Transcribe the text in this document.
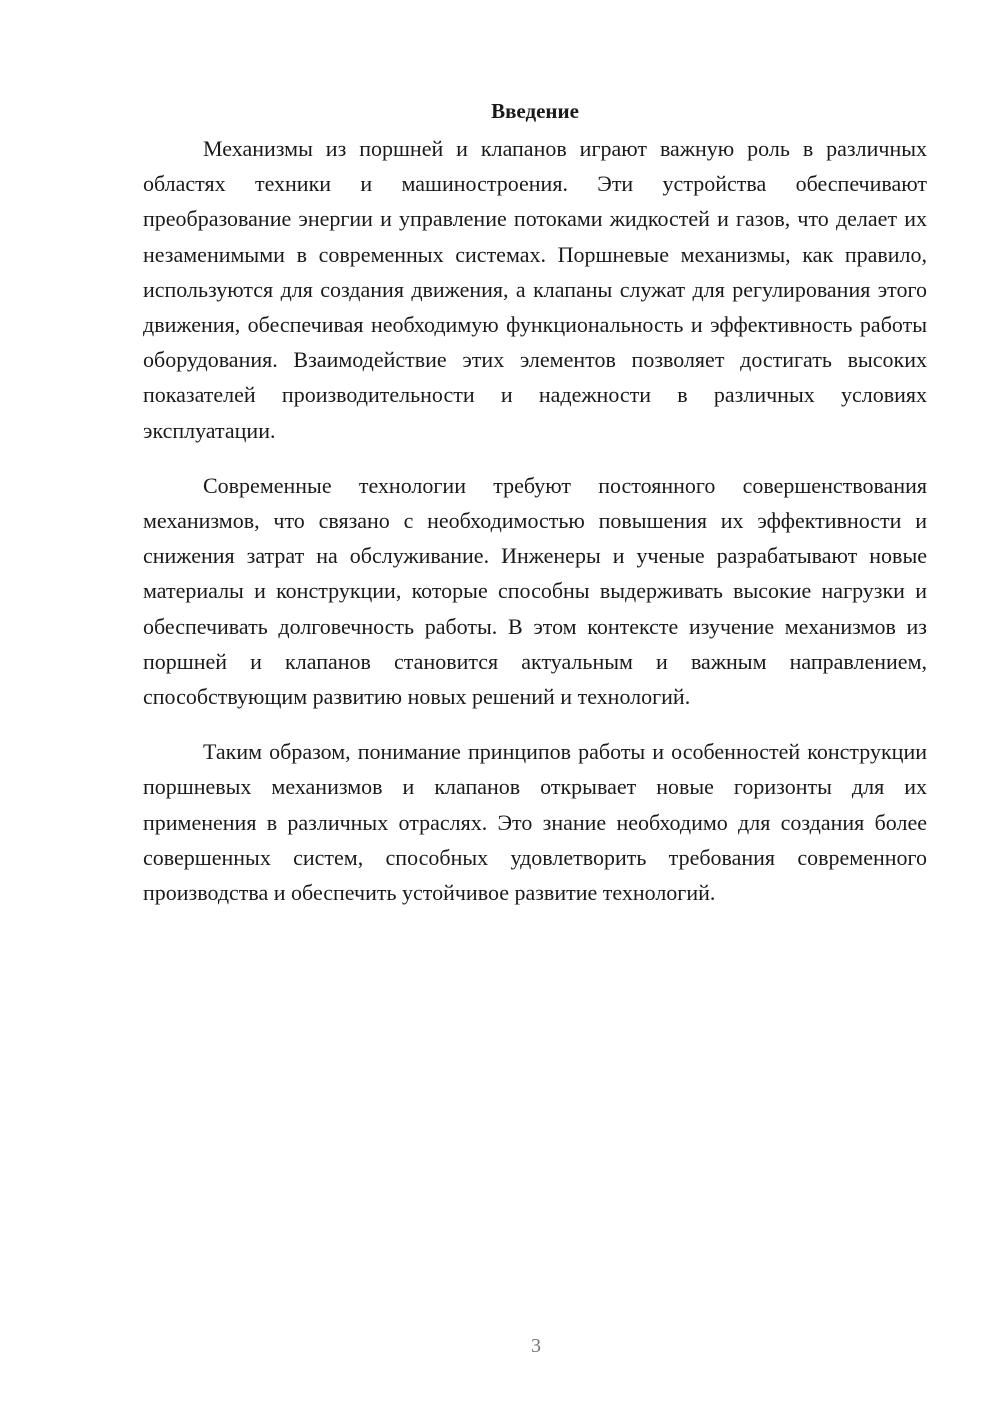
Введение

Механизмы из поршней и клапанов играют важную роль в различных областях техники и машиностроения. Эти устройства обеспечивают преобразование энергии и управление потоками жидкостей и газов, что делает их незаменимыми в современных системах. Поршневые механизмы, как правило, используются для создания движения, а клапаны служат для регулирования этого движения, обеспечивая необходимую функциональность и эффективность работы оборудования. Взаимодействие этих элементов позволяет достигать высоких показателей производительности и надежности в различных условиях эксплуатации.

Современные технологии требуют постоянного совершенствования механизмов, что связано с необходимостью повышения их эффективности и снижения затрат на обслуживание. Инженеры и ученые разрабатывают новые материалы и конструкции, которые способны выдерживать высокие нагрузки и обеспечивать долговечность работы. В этом контексте изучение механизмов из поршней и клапанов становится актуальным и важным направлением, способствующим развитию новых решений и технологий.

Таким образом, понимание принципов работы и особенностей конструкции поршневых механизмов и клапанов открывает новые горизонты для их применения в различных отраслях. Это знание необходимо для создания более совершенных систем, способных удовлетворить требования современного производства и обеспечить устойчивое развитие технологий.

3
